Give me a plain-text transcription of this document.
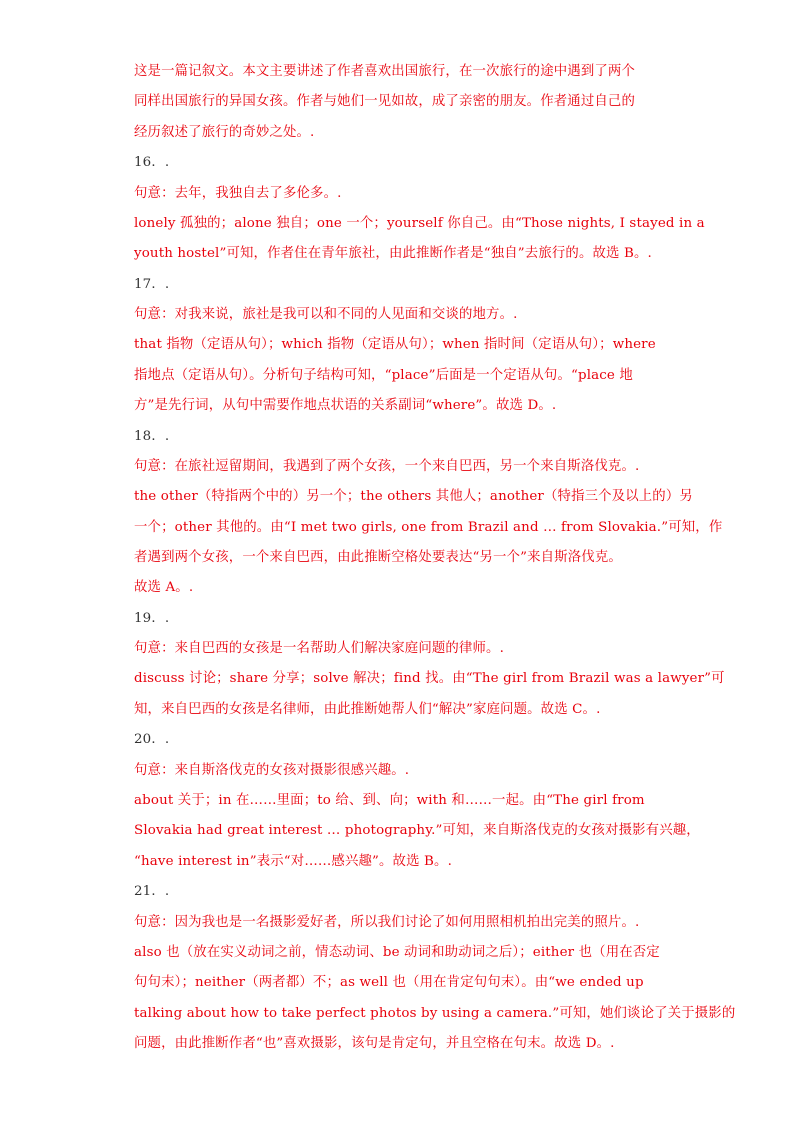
这是一篇记叙文。本文主要讲述了作者喜欢出国旅行，在一次旅行的途中遇到了两个
同样出国旅行的异国女孩。作者与她们一见如故，成了亲密的朋友。作者通过自己的
经历叙述了旅行的奇妙之处。.
16．.
句意：去年，我独自去了多伦多。.
lonely 孤独的；alone 独自；one 一个；yourself 你自己。由“Those nights, I stayed in a
youth hostel”可知，作者住在青年旅社，由此推断作者是“独自”去旅行的。故选 B。.
17．.
句意：对我来说，旅社是我可以和不同的人见面和交谈的地方。.
that 指物（定语从句）；which 指物（定语从句）；when 指时间（定语从句）；where
指地点（定语从句）。分析句子结构可知，“place”后面是一个定语从句。“place 地
方”是先行词，从句中需要作地点状语的关系副词“where”。故选 D。.
18．.
句意：在旅社逗留期间，我遇到了两个女孩，一个来自巴西，另一个来自斯洛伐克。.
the other（特指两个中的）另一个；the others 其他人；another（特指三个及以上的）另
一个；other 其他的。由“I met two girls, one from Brazil and … from Slovakia.”可知，作
者遇到两个女孩，一个来自巴西，由此推断空格处要表达“另一个”来自斯洛伐克。
故选 A。.
19．.
句意：来自巴西的女孩是一名帮助人们解决家庭问题的律师。.
discuss 讨论；share 分享；solve 解决；find 找。由“The girl from Brazil was a lawyer”可
知，来自巴西的女孩是名律师，由此推断她帮人们“解决”家庭问题。故选 C。.
20．.
句意：来自斯洛伐克的女孩对摄影很感兴趣。.
about 关于；in 在……里面；to 给、到、向；with 和……一起。由“The girl from
Slovakia had great interest … photography.”可知，来自斯洛伐克的女孩对摄影有兴趣，
“have interest in”表示“对……感兴趣”。故选 B。.
21．.
句意：因为我也是一名摄影爱好者，所以我们讨论了如何用照相机拍出完美的照片。.
also 也（放在实义动词之前，情态动词、be 动词和助动词之后）；either 也（用在否定
句句末）；neither（两者都）不；as well 也（用在肯定句句末）。由“we ended up
talking about how to take perfect photos by using a camera.”可知，她们谈论了关于摄影的
问题，由此推断作者“也”喜欢摄影，该句是肯定句，并且空格在句末。故选 D。.
